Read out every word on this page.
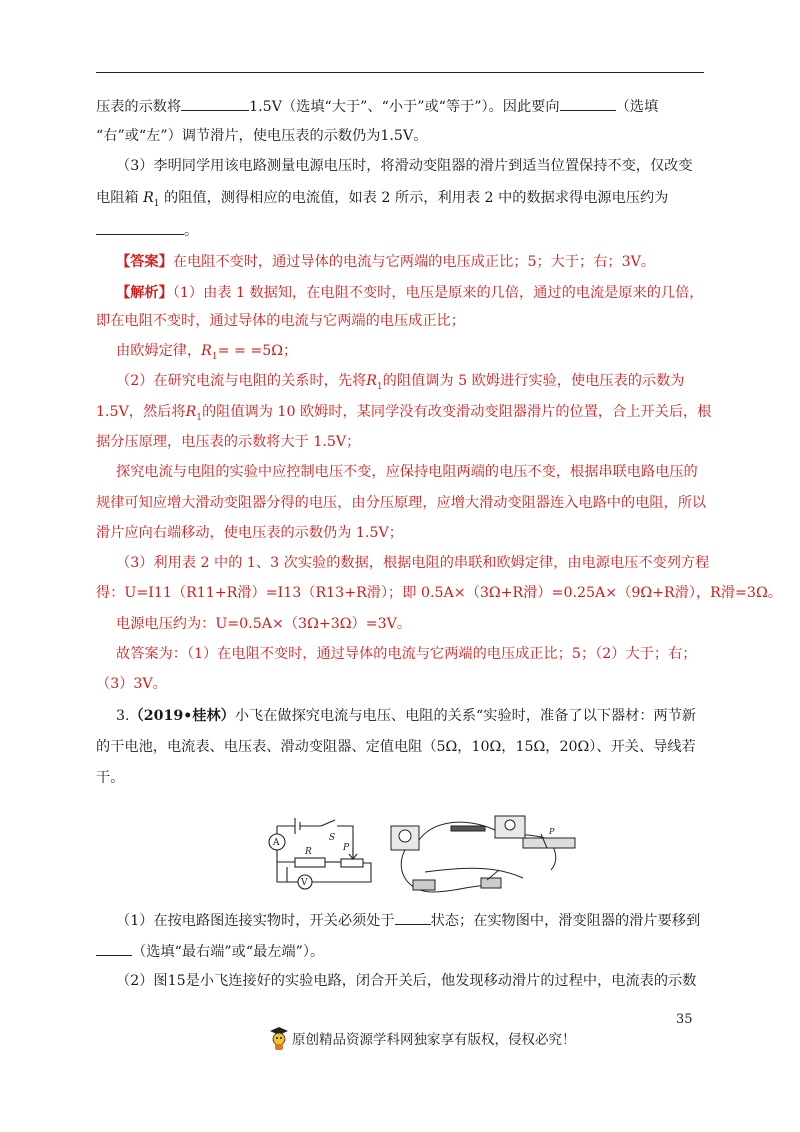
压表的示数将	1.5V（选填“大于”、“小于”或“等于”）。因此要向	（选填
“右”或“左”）调节滑片，使电压表的示数仍为1.5V。
（3）李明同学用该电路测量电源电压时，将滑动变阻器的滑片到适当位置保持不变，仅改变
电阻箱 $R_1$ 的阻值，测得相应的电流值，如表 2 所示，利用表 2 中的数据求得电源电压约为
。
【答案】在电阻不变时，通过导体的电流与它两端的电压成正比；5；大于；右；3V。
【解析】（1）由表 1 数据知，在电阻不变时，电压是原来的几倍，通过的电流是原来的几倍，
即在电阻不变时，通过导体的电流与它两端的电压成正比；
由欧姆定律，$R_1= = =5\Omega$；
（2）在研究电流与电阻的关系时，先将$R_1$的阻值调为 5 欧姆进行实验，使电压表的示数为
1.5V，然后将$R_1$的阻值调为 10 欧姆时，某同学没有改变滑动变阻器滑片的位置，合上开关后，根
据分压原理，电压表的示数将大于 1.5V；
探究电流与电阻的实验中应控制电压不变，应保持电阻两端的电压不变，根据串联电路电压的
规律可知应增大滑动变阻器分得的电压，由分压原理，应增大滑动变阻器连入电路中的电阻，所以
滑片应向右端移动，使电压表的示数仍为 1.5V；
（3）利用表 2 中的 1、3 次实验的数据，根据电阻的串联和欧姆定律，由电源电压不变列方程
得：U=I11（R11+R滑）=I13（R13+R滑）；即 0.5A×（3Ω+R滑）=0.25A×（9Ω+R滑），R滑=3Ω。
电源电压约为：U=0.5A×（3Ω+3Ω）=3V。
故答案为：（1）在电阻不变时，通过导体的电流与它两端的电压成正比；5；（2）大于；右；
（3）3V。
3.（2019•桂林）小飞在做探究电流与电压、电阻的关系“实验时，准备了以下器材：两节新
的干电池，电流表、电压表、滑动变阻器、定值电阻（5Ω，10Ω，15Ω，20Ω）、开关、导线若
干。
S
P
R
A
V
P
（1）在按电路图连接实物时，开关必须处于	状态；在实物图中，滑变阻器的滑片要移到
（选填“最右端”或“最左端”）。
（2）图15是小飞连接好的实验电路，闭合开关后，他发现移动滑片的过程中，电流表的示数
35
原创精品资源学科网独家享有版权，侵权必究！
